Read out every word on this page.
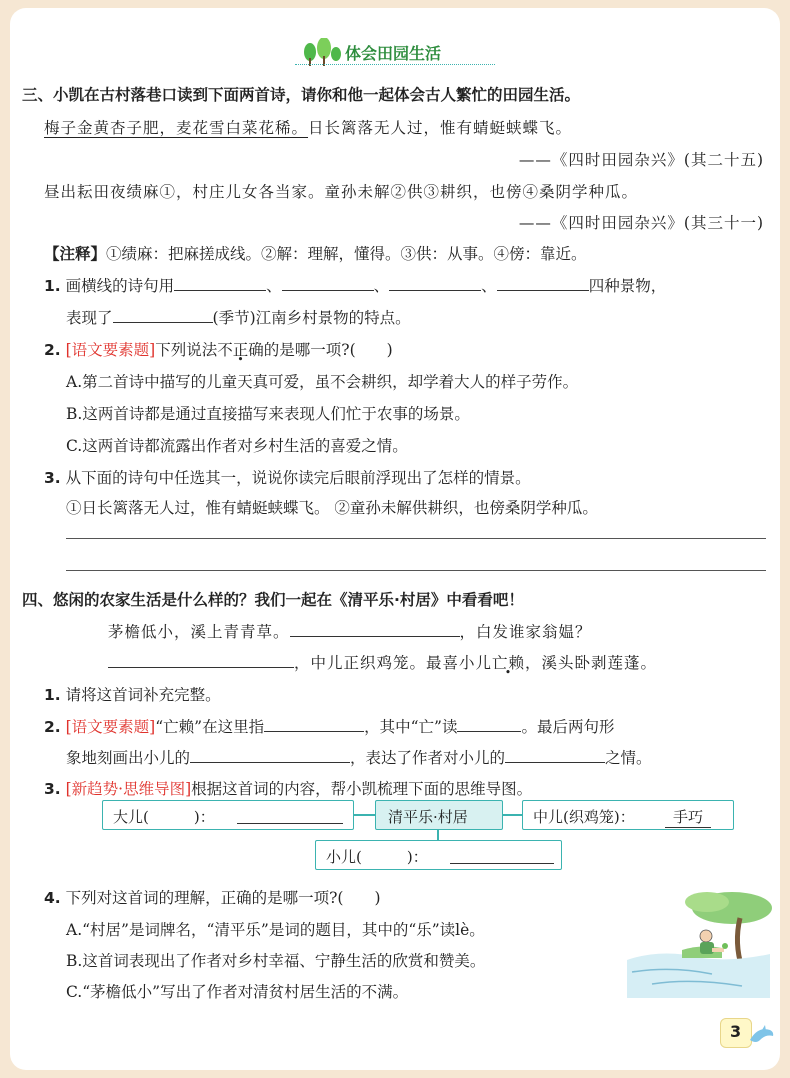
体会田园生活
三、小凯在古村落巷口读到下面两首诗，请你和他一起体会古人繁忙的田园生活。
梅子金黄杏子肥，麦花雪白菜花稀。日长篱落无人过，惟有蜻蜓蛱蝶飞。
——《四时田园杂兴》(其二十五)
昼出耘田夜绩麻①，村庄儿女各当家。童孙未解②供③耕织，也傍④桑阴学种瓜。
——《四时田园杂兴》(其三十一)
【注释】①绩麻：把麻搓成线。②解：理解，懂得。③供：从事。④傍：靠近。
1. 画横线的诗句用	、	、	、	四种景物，
表现了	(季节)江南乡村景物的特点。
2. [语文要素题]下列说法不正确的是哪一项?(　　)
A.第二首诗中描写的儿童天真可爱，虽不会耕织，却学着大人的样子劳作。
B.这两首诗都是通过直接描写来表现人们忙于农事的场景。
C.这两首诗都流露出作者对乡村生活的喜爱之情。
3. 从下面的诗句中任选其一，说说你读完后眼前浮现出了怎样的情景。
①日长篱落无人过，惟有蜻蜓蛱蝶飞。 ②童孙未解供耕织，也傍桑阴学种瓜。
四、悠闲的农家生活是什么样的？我们一起在《清平乐·村居》中看看吧！
茅檐低小，溪上青青草。	，白发谁家翁媪？
，中儿正织鸡笼。最喜小儿亡赖，溪头卧剥莲蓬。
1. 请将这首词补充完整。
2. [语文要素题]“亡赖”在这里指	，其中“亡”读	。最后两句形
象地刻画出小儿的	，表达了作者对小儿的	之情。
3. [新趋势·思维导图]根据这首词的内容，帮小凯梳理下面的思维导图。
大儿(　　　)：	清平乐·村居	中儿(织鸡笼)：	手巧
小儿(　　　)：
4. 下列对这首词的理解，正确的是哪一项?(　　)
A.“村居”是词牌名，“清平乐”是词的题目，其中的“乐”读lè。
B.这首词表现出了作者对乡村幸福、宁静生活的欣赏和赞美。
C.“茅檐低小”写出了作者对清贫村居生活的不满。
3
